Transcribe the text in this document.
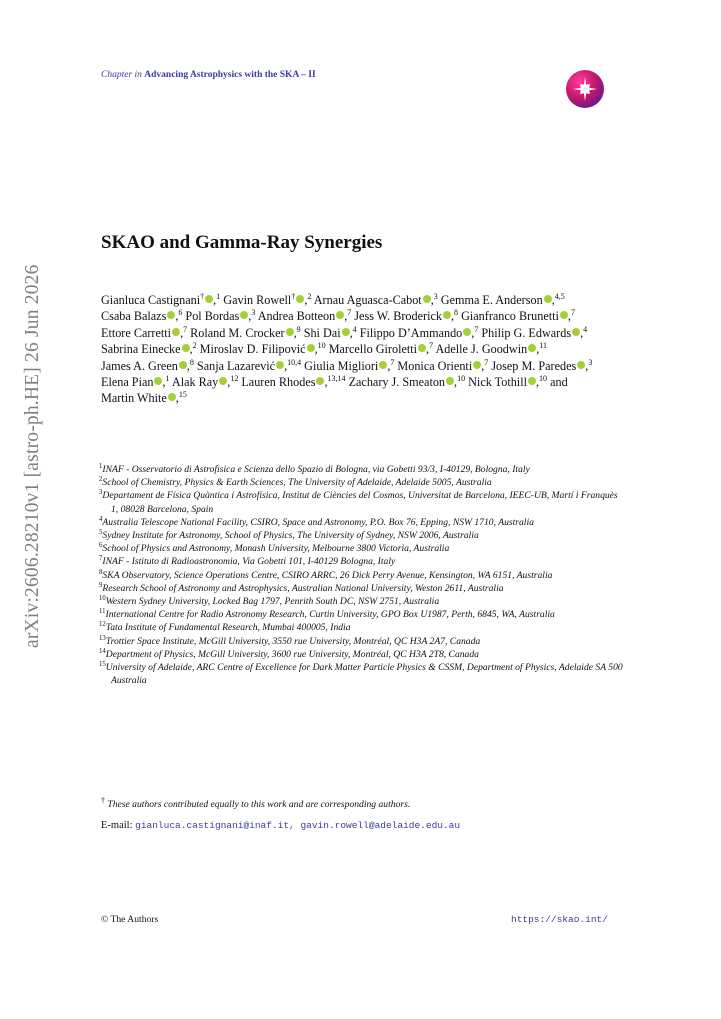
arXiv:2606.28210v1 [astro-ph.HE] 26 Jun 2026
Chapter in Advancing Astrophysics with the SKA – II
SKAO and Gamma-Ray Synergies

Gianluca Castignani† ,$^1$ Gavin Rowell† ,$^2$ Arnau Aguasca-Cabot ,$^3$ Gemma E. Anderson ,$^{4,5}$ Csaba Balazs ,$^6$ Pol Bordas ,$^3$ Andrea Botteon ,$^7$ Jess W. Broderick ,$^8$ Gianfranco Brunetti ,$^7$ Ettore Carretti ,$^7$ Roland M. Crocker ,$^9$ Shi Dai ,$^4$ Filippo D’Ammando ,$^7$ Philip G. Edwards ,$^4$ Sabrina Einecke ,$^2$ Miroslav D. Filipović ,$^{10}$ Marcello Giroletti ,$^7$ Adelle J. Goodwin ,$^{11}$ James A. Green ,$^8$ Sanja Lazarević ,$^{10,4}$ Giulia Migliori ,$^7$ Monica Orienti ,$^7$ Josep M. Paredes ,$^3$ Elena Pian ,$^1$ Alak Ray ,$^{12}$ Lauren Rhodes ,$^{13,14}$ Zachary J. Smeaton ,$^{10}$ Nick Tothill ,$^{10}$ and Martin White ,$^{15}$

$^1$INAF - Osservatorio di Astrofisica e Scienza dello Spazio di Bologna, via Gobetti 93/3, I-40129, Bologna, Italy
$^2$School of Chemistry, Physics & Earth Sciences, The University of Adelaide, Adelaide 5005, Australia
$^3$Departament de Física Quàntica i Astrofísica, Institut de Ciències del Cosmos, Universitat de Barcelona, IEEC-UB, Martí i Franquès 1, 08028 Barcelona, Spain
$^4$Australia Telescope National Facility, CSIRO, Space and Astronomy, P.O. Box 76, Epping, NSW 1710, Australia
$^5$Sydney Institute for Astronomy, School of Physics, The University of Sydney, NSW 2006, Australia
$^6$School of Physics and Astronomy, Monash University, Melbourne 3800 Victoria, Australia
$^7$INAF - Istituto di Radioastronomia, Via Gobetti 101, I-40129 Bologna, Italy
$^8$SKA Observatory, Science Operations Centre, CSIRO ARRC, 26 Dick Perry Avenue, Kensington, WA 6151, Australia
$^9$Research School of Astronomy and Astrophysics, Australian National University, Weston 2611, Australia
$^{10}$Western Sydney University, Locked Bag 1797, Penrith South DC, NSW 2751, Australia
$^{11}$International Centre for Radio Astronomy Research, Curtin University, GPO Box U1987, Perth, 6845, WA, Australia
$^{12}$Tata Institute of Fundamental Research, Mumbai 400005, India
$^{13}$Trottier Space Institute, McGill University, 3550 rue University, Montréal, QC H3A 2A7, Canada
$^{14}$Department of Physics, McGill University, 3600 rue University, Montréal, QC H3A 2T8, Canada
$^{15}$University of Adelaide, ARC Centre of Excellence for Dark Matter Particle Physics & CSSM, Department of Physics, Adelaide SA 500 Australia
† These authors contributed equally to this work and are corresponding authors.
E-mail: gianluca.castignani@inaf.it, gavin.rowell@adelaide.edu.au
© The Authors	https://skao.int/
